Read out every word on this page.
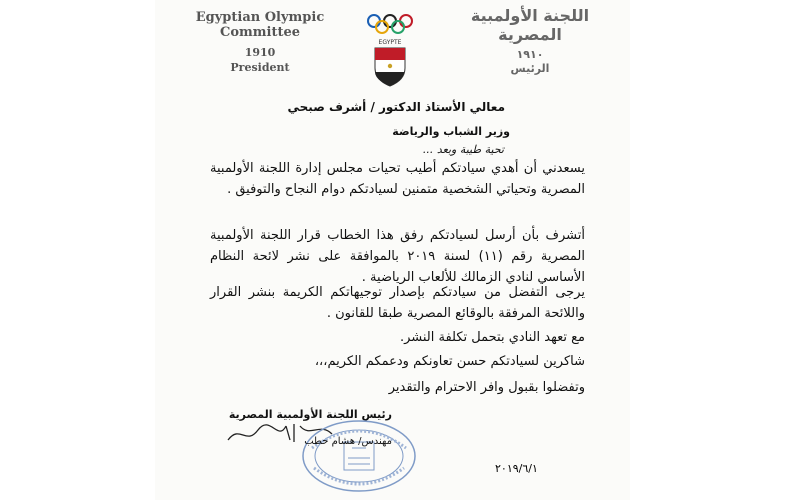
Egyptian Olympic Committee
1910
President
EGYPTE
اللجنة الأولمبية المصرية
١٩١٠
الرئيس
معالي الأستاذ الدكتور / أشرف صبحي
وزير الشباب والرياضة
تحية طيبة وبعد ...
يسعدني أن أهدي سيادتكم أطيب تحيات مجلس إدارة اللجنة الأولمبية المصرية وتحياتي الشخصية متمنين لسيادتكم دوام النجاح والتوفيق .
أتشرف بأن أرسل لسيادتكم رفق هذا الخطاب قرار اللجنة الأولمبية المصرية رقم (١١) لسنة ٢٠١٩ بالموافقة على نشر لائحة النظام الأساسي لنادي الزمالك للألعاب الرياضية .
يرجى التفضل من سيادتكم بإصدار توجيهاتكم الكريمة بنشر القرار واللائحة المرفقة بالوقائع المصرية طبقا للقانون .
مع تعهد النادي بتحمل تكلفة النشر.
شاكرين لسيادتكم حسن تعاونكم ودعمكم الكريم،،،
وتفضلوا بقبول وافر الاحترام والتقدير
رئيس اللجنة الأولمبية المصرية
مهندس/ هشام حطب
٢٠١٩/٦/١
